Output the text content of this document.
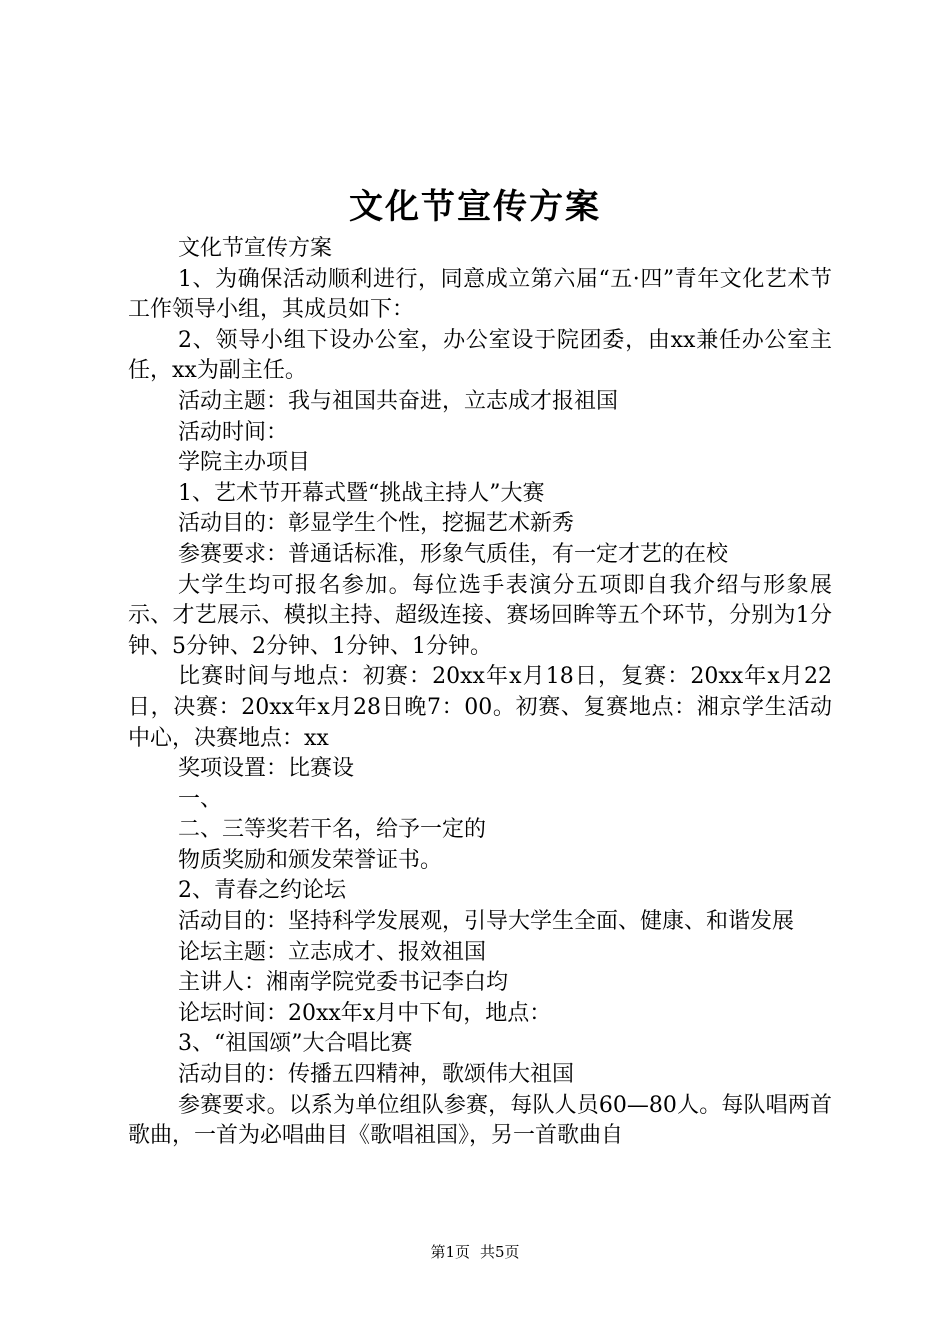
文化节宣传方案

文化节宣传方案

1、为确保活动顺利进行，同意成立第六届“五·四”青年文化艺术节工作领导小组，其成员如下：

2、领导小组下设办公室，办公室设于院团委，由xx兼任办公室主任，xx为副主任。

活动主题：我与祖国共奋进，立志成才报祖国

活动时间：

学院主办项目

1、艺术节开幕式暨“挑战主持人”大赛

活动目的：彰显学生个性，挖掘艺术新秀

参赛要求：普通话标准，形象气质佳，有一定才艺的在校

大学生均可报名参加。每位选手表演分五项即自我介绍与形象展示、才艺展示、模拟主持、超级连接、赛场回眸等五个环节，分别为1分钟、5分钟、2分钟、1分钟、1分钟。

比赛时间与地点：初赛：20xx年x月18日，复赛：20xx年x月22日，决赛：20xx年x月28日晚7：00。初赛、复赛地点：湘京学生活动中心，决赛地点：xx

奖项设置：比赛设

一、

二、三等奖若干名，给予一定的

物质奖励和颁发荣誉证书。

2、青春之约论坛

活动目的：坚持科学发展观，引导大学生全面、健康、和谐发展

论坛主题：立志成才、报效祖国

主讲人：湘南学院党委书记李白均

论坛时间：20xx年x月中下旬，地点：

3、“祖国颂”大合唱比赛

活动目的：传播五四精神，歌颂伟大祖国

参赛要求。以系为单位组队参赛，每队人员60—80人。每队唱两首歌曲，一首为必唱曲目《歌唱祖国》，另一首歌曲自

第1页 共5页
